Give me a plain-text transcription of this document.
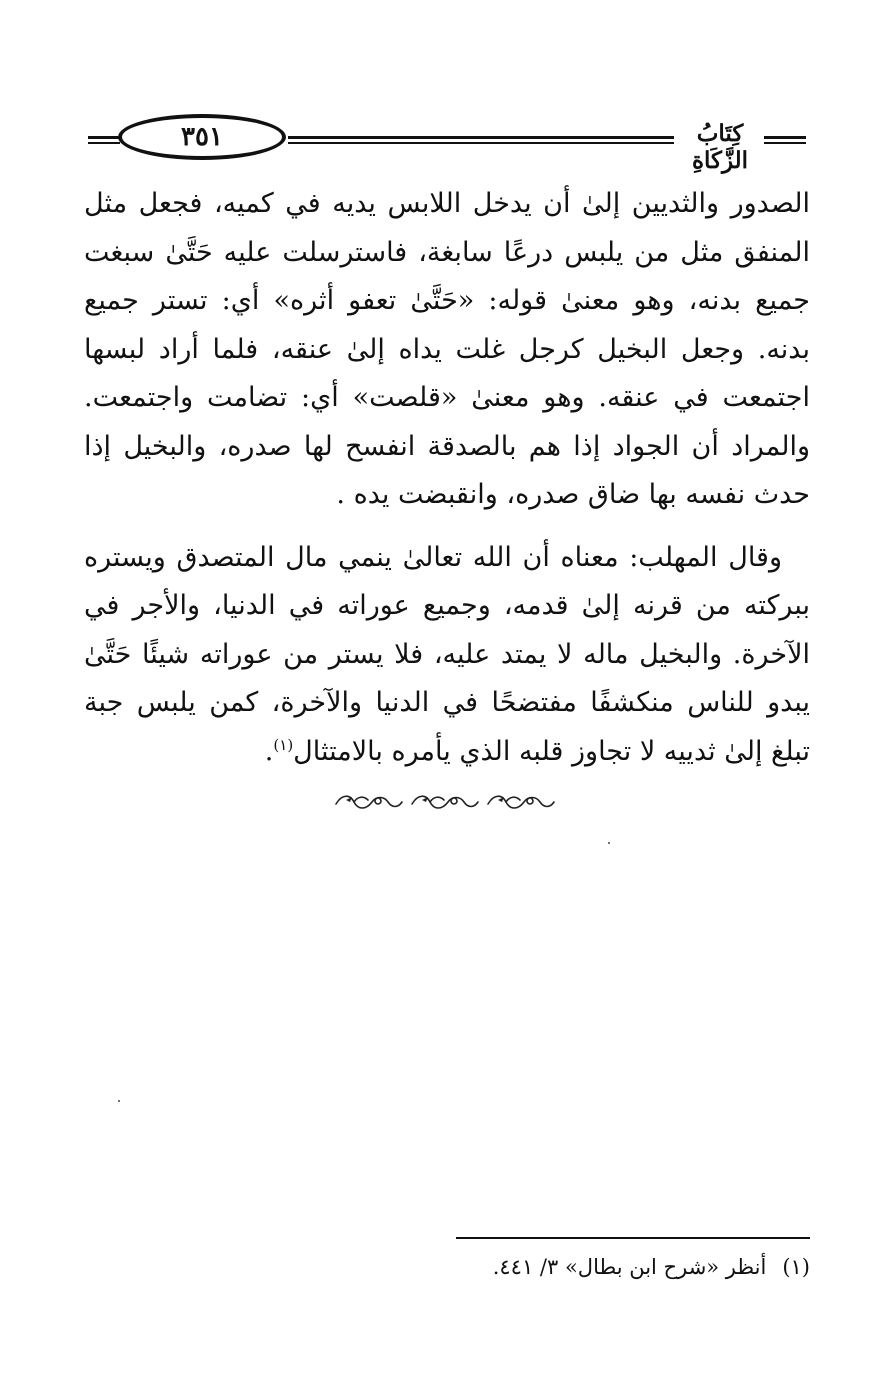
٣٥١	كِتَابُ الزَّكَاةِ

الصدور والثديين إلىٰ أن يدخل اللابس يديه في كميه، فجعل مثل المنفق مثل من يلبس درعًا سابغة، فاسترسلت عليه حَتَّىٰ سبغت جميع بدنه، وهو معنىٰ قوله: «حَتَّىٰ تعفو أثره» أي: تستر جميع بدنه. وجعل البخيل كرجل غلت يداه إلىٰ عنقه، فلما أراد لبسها اجتمعت في عنقه. وهو معنىٰ «قلصت» أي: تضامت واجتمعت. والمراد أن الجواد إذا هم بالصدقة انفسح لها صدره، والبخيل إذا حدث نفسه بها ضاق صدره، وانقبضت يده .

وقال المهلب: معناه أن الله تعالىٰ ينمي مال المتصدق ويستره ببركته من قرنه إلىٰ قدمه، وجميع عوراته في الدنيا، والأجر في الآخرة. والبخيل ماله لا يمتد عليه، فلا يستر من عوراته شيئًا حَتَّىٰ يبدو للناس منكشفًا مفتضحًا في الدنيا والآخرة، كمن يلبس جبة تبلغ إلىٰ ثدييه لا تجاوز قلبه الذي يأمره بالامتثال$^{(١)}$.

(١)أنظر «شرح ابن بطال» ٣/ ٤٤١.
